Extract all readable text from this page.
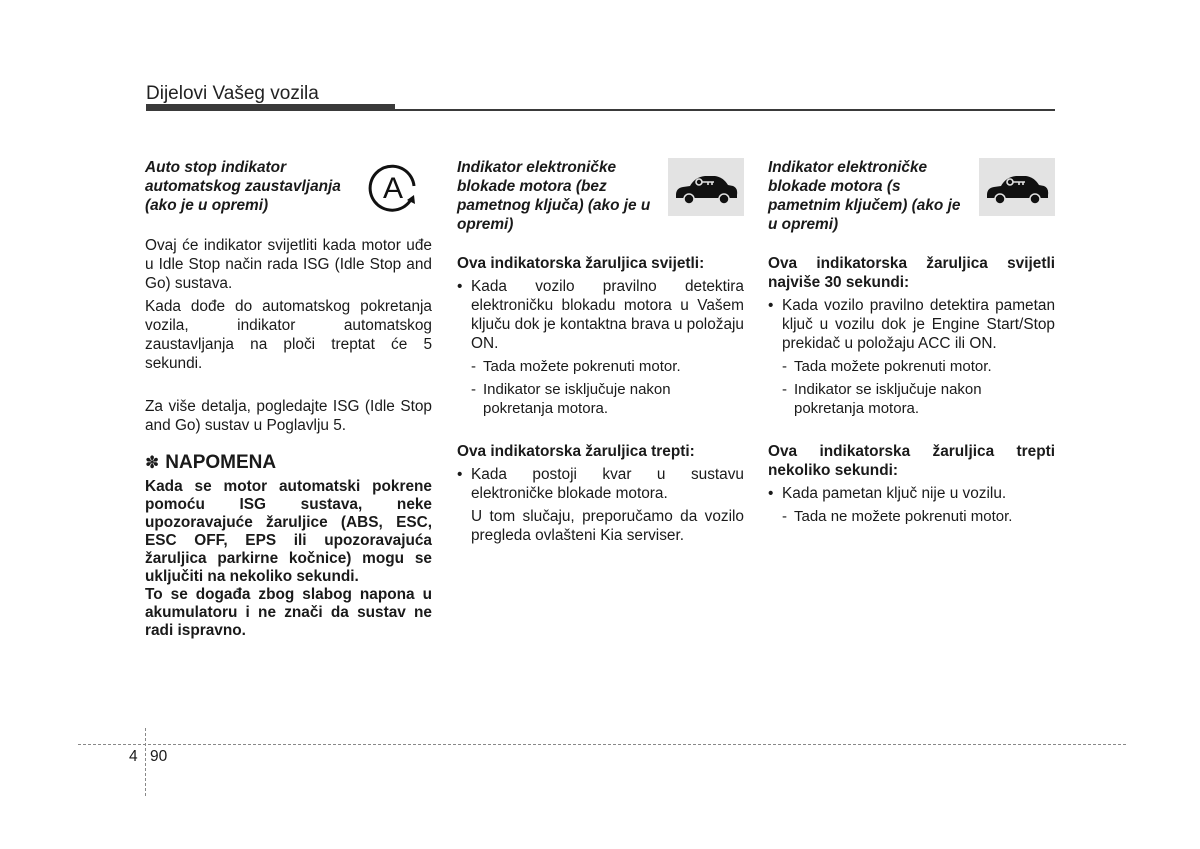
Dijelovi Vašeg vozila
Auto stop indikator automatskog zaustavljanja (ako je u opremi)
A

Ovaj će indikator svijetliti kada motor uđe u Idle Stop način rada ISG (Idle Stop and Go) sustava.

Kada dođe do automatskog pokretanja vozila, indikator automatskog zaustavljanja na ploči treptat će 5 sekundi.

Za više detalja, pogledajte ISG (Idle Stop and Go) sustav u Poglavlju 5.

✽ NAPOMENA
Kada se motor automatski pokrene pomoću ISG sustava, neke upozoravajuće žaruljice (ABS, ESC, ESC OFF, EPS ili upozoravajuća žaruljica parkirne kočnice) mogu se uključiti na nekoliko sekundi.
To se događa zbog slabog napona u akumulatoru i ne znači da sustav ne radi ispravno.
Indikator elektroničke blokade motora (bez pametnog ključa) (ako je u opremi)

Ova indikatorska žaruljica svijetli:

• Kada vozilo pravilno detektira elektroničku blokadu motora u Vašem ključu dok je kontaktna brava u položaju ON.
- Tada možete pokrenuti motor.
- Indikator se isključuje nakon pokretanja motora.

Ova indikatorska žaruljica trepti:

• Kada postoji kvar u sustavu elektroničke blokade motora.

U tom slučaju, preporučamo da vozilo pregleda ovlašteni Kia serviser.

Indikator elektroničke blokade motora (s pametnim ključem) (ako je u opremi)

Ova indikatorska žaruljica svijetli najviše 30 sekundi:

• Kada vozilo pravilno detektira pametan ključ u vozilu dok je Engine Start/Stop prekidač u položaju ACC ili ON.
- Tada možete pokrenuti motor.
- Indikator se isključuje nakon pokretanja motora.

Ova indikatorska žaruljica trepti nekoliko sekundi:

• Kada pametan ključ nije u vozilu.
- Tada ne možete pokrenuti motor.
4 90
